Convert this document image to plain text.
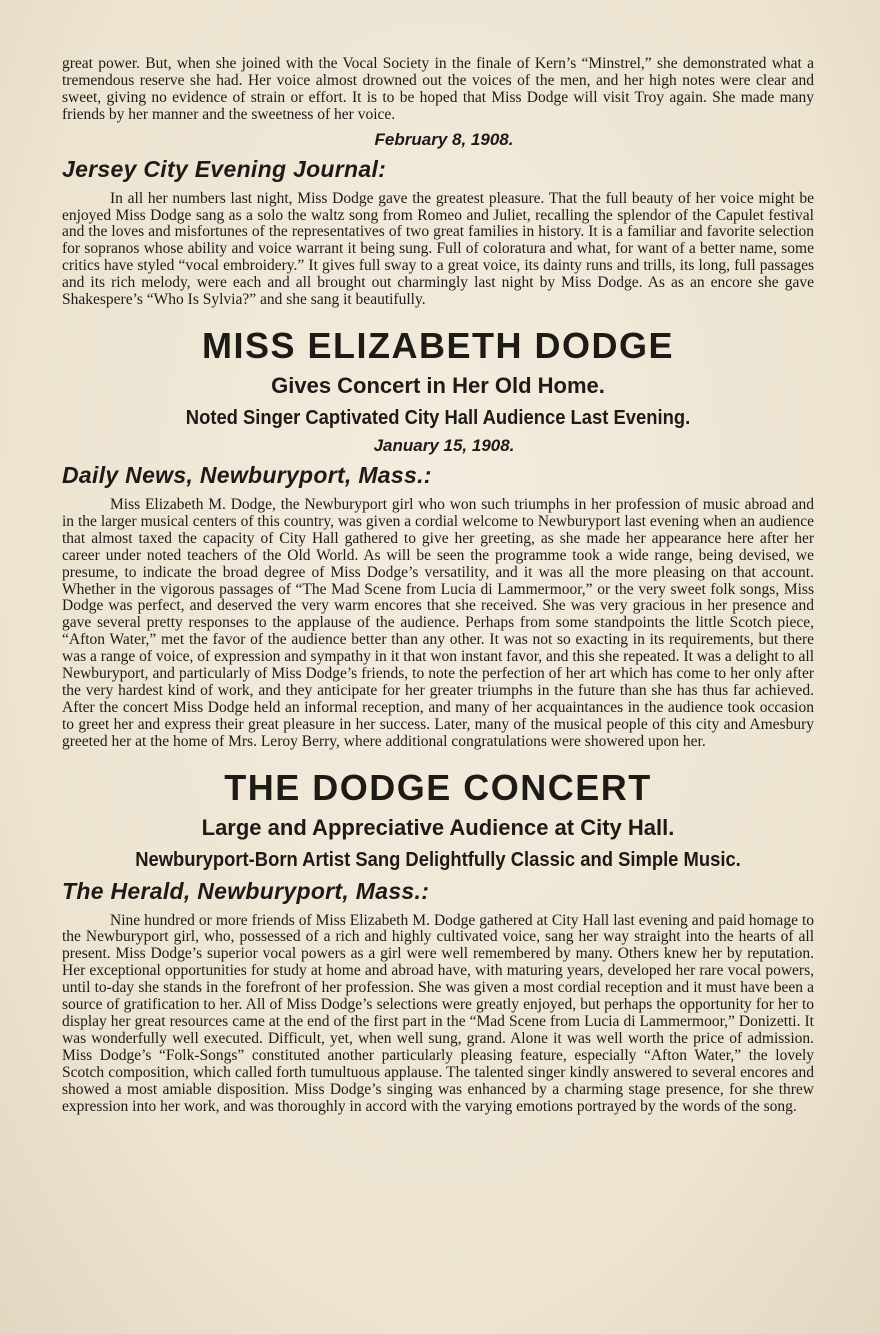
great power. But, when she joined with the Vocal Society in the finale of Kern’s “Minstrel,” she demonstrated what a tremendous reserve she had. Her voice almost drowned out the voices of the men, and her high notes were clear and sweet, giving no evidence of strain or effort. It is to be hoped that Miss Dodge will visit Troy again. She made many friends by her manner and the sweetness of her voice.

February 8, 1908.
Jersey City Evening Journal:

In all her numbers last night, Miss Dodge gave the greatest pleasure. That the full beauty of her voice might be enjoyed Miss Dodge sang as a solo the waltz song from Romeo and Juliet, recalling the splendor of the Capulet festival and the loves and misfortunes of the representatives of two great families in history. It is a familiar and favorite selection for sopranos whose ability and voice warrant it being sung. Full of coloratura and what, for want of a better name, some critics have styled “vocal embroidery.” It gives full sway to a great voice, its dainty runs and trills, its long, full passages and its rich melody, were each and all brought out charmingly last night by Miss Dodge. As as an encore she gave Shakespere’s “Who Is Sylvia?” and she sang it beautifully.

MISS ELIZABETH DODGE
Gives Concert in Her Old Home.
Noted Singer Captivated City Hall Audience Last Evening.
January 15, 1908.
Daily News, Newburyport, Mass.:

Miss Elizabeth M. Dodge, the Newburyport girl who won such triumphs in her profession of music abroad and in the larger musical centers of this country, was given a cordial welcome to Newburyport last evening when an audience that almost taxed the capacity of City Hall gathered to give her greeting, as she made her appearance here after her career under noted teachers of the Old World. As will be seen the programme took a wide range, being devised, we presume, to indicate the broad degree of Miss Dodge’s versatility, and it was all the more pleasing on that account. Whether in the vigorous passages of “The Mad Scene from Lucia di Lammermoor,” or the very sweet folk songs, Miss Dodge was perfect, and deserved the very warm encores that she received. She was very gracious in her presence and gave several pretty responses to the applause of the audience. Perhaps from some standpoints the little Scotch piece, “Afton Water,” met the favor of the audience better than any other. It was not so exacting in its requirements, but there was a range of voice, of expression and sympathy in it that won instant favor, and this she repeated. It was a delight to all Newburyport, and particularly of Miss Dodge’s friends, to note the perfection of her art which has come to her only after the very hardest kind of work, and they anticipate for her greater triumphs in the future than she has thus far achieved. After the concert Miss Dodge held an informal reception, and many of her acquaintances in the audience took occasion to greet her and express their great pleasure in her success. Later, many of the musical people of this city and Amesbury greeted her at the home of Mrs. Leroy Berry, where additional congratulations were showered upon her.

THE DODGE CONCERT
Large and Appreciative Audience at City Hall.
Newburyport-Born Artist Sang Delightfully Classic and Simple Music.
The Herald, Newburyport, Mass.:

Nine hundred or more friends of Miss Elizabeth M. Dodge gathered at City Hall last evening and paid homage to the Newburyport girl, who, possessed of a rich and highly cultivated voice, sang her way straight into the hearts of all present. Miss Dodge’s superior vocal powers as a girl were well remembered by many. Others knew her by reputation. Her exceptional opportunities for study at home and abroad have, with maturing years, developed her rare vocal powers, until to-day she stands in the forefront of her profession. She was given a most cordial reception and it must have been a source of gratification to her. All of Miss Dodge’s selections were greatly enjoyed, but perhaps the opportunity for her to display her great resources came at the end of the first part in the “Mad Scene from Lucia di Lammermoor,” Donizetti. It was wonderfully well executed. Difficult, yet, when well sung, grand. Alone it was well worth the price of admission. Miss Dodge’s “Folk-Songs” constituted another particularly pleasing feature, especially “Afton Water,” the lovely Scotch composition, which called forth tumultuous applause. The talented singer kindly answered to several encores and showed a most amiable disposition. Miss Dodge’s singing was enhanced by a charming stage presence, for she threw expression into her work, and was thoroughly in accord with the varying emotions portrayed by the words of the song.
